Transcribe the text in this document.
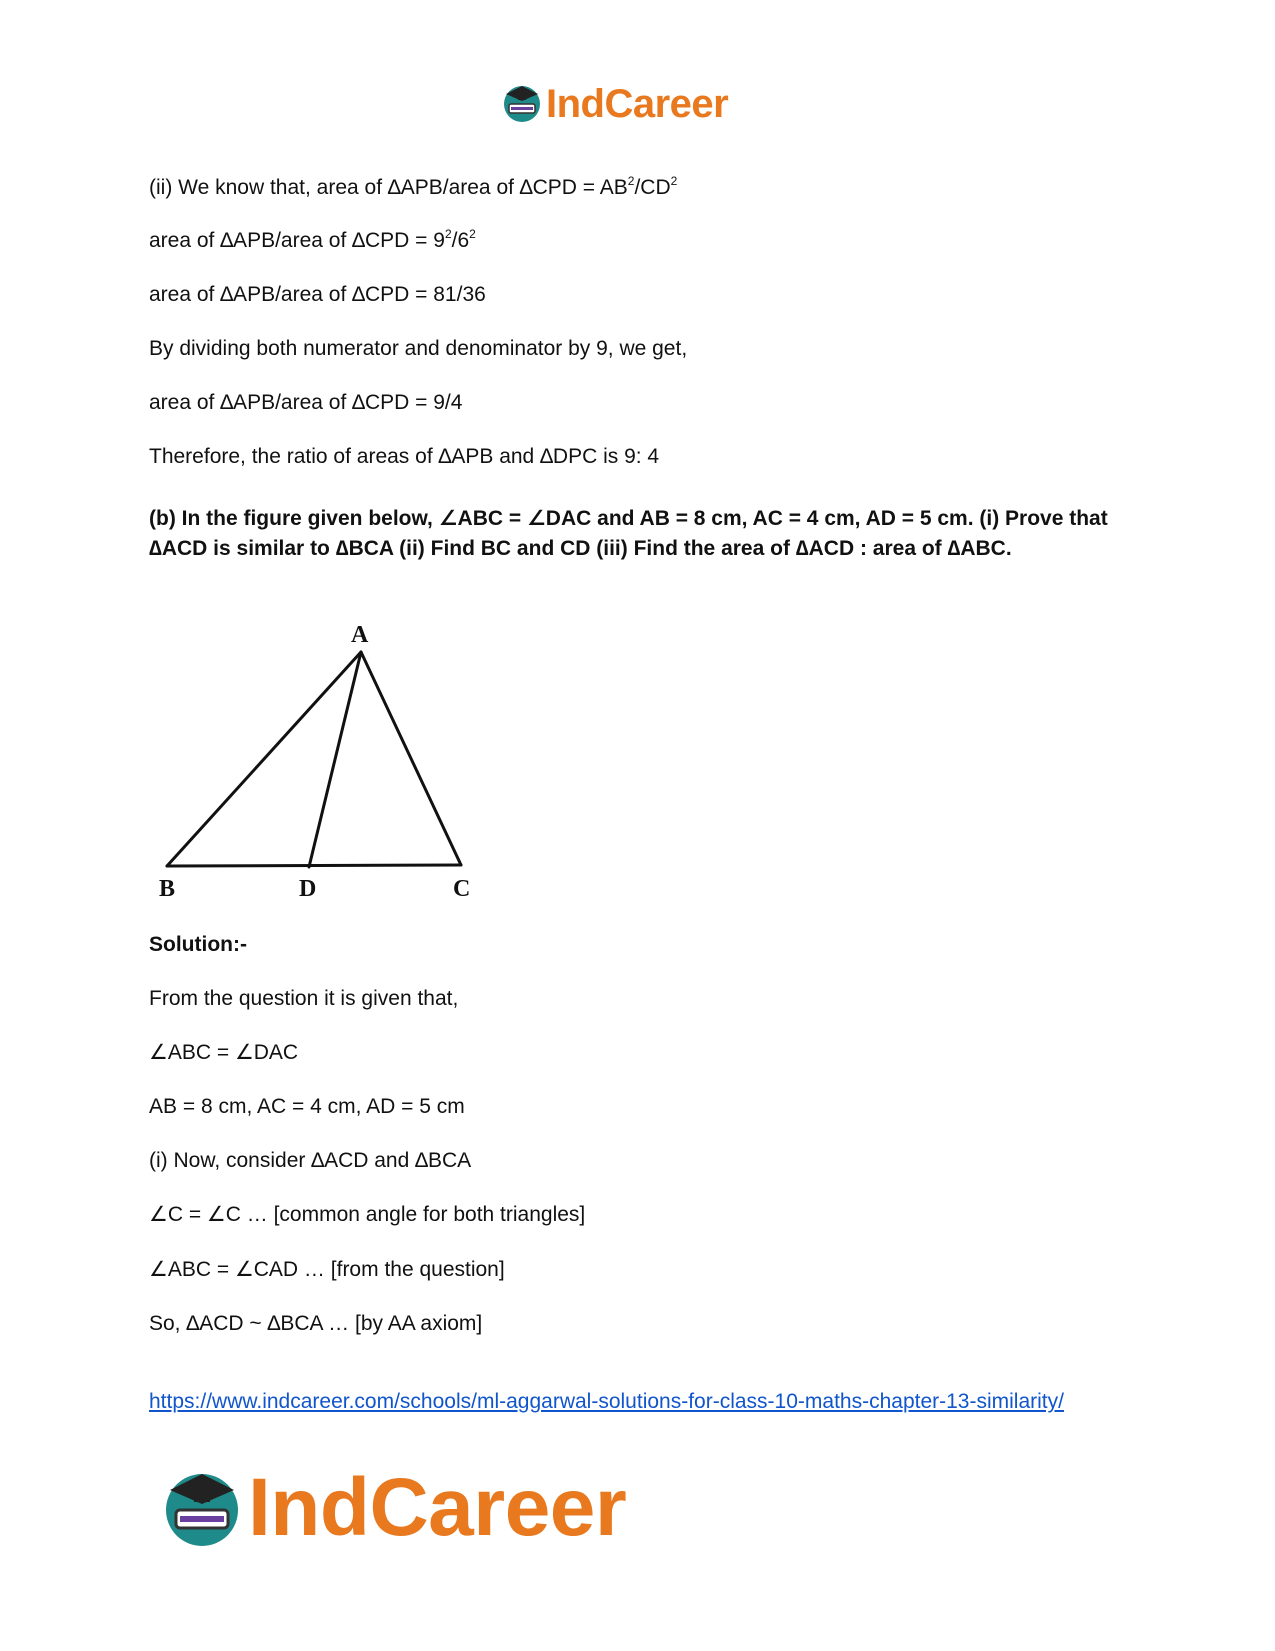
IndCareer
(ii) We know that, area of ∆APB/area of $\Delta CPD = AB^2/CD^2$
area of ∆APB/area of $\Delta CPD = 9^2/6^2$
area of ∆APB/area of ∆CPD = 81/36
By dividing both numerator and denominator by 9, we get,
area of ∆APB/area of ∆CPD = 9/4
Therefore, the ratio of areas of ∆APB and ∆DPC is 9: 4
(b) In the figure given below, ∠ABC = ∠DAC and AB = 8 cm, AC = 4 cm, AD = 5 cm. (i) Prove that ∆ACD is similar to ∆BCA (ii) Find BC and CD (iii) Find the area of ∆ACD : area of ∆ABC.
A
B	D	C
Solution:-
From the question it is given that,
∠ABC = ∠DAC
AB = 8 cm, AC = 4 cm, AD = 5 cm
(i) Now, consider ∆ACD and ∆BCA
∠C = ∠C … [common angle for both triangles]
∠ABC = ∠CAD … [from the question]
So, ∆ACD ~ ∆BCA … [by AA axiom]
https://www.indcareer.com/schools/ml-aggarwal-solutions-for-class-10-maths-chapter-13-similarity/
IndCareer
